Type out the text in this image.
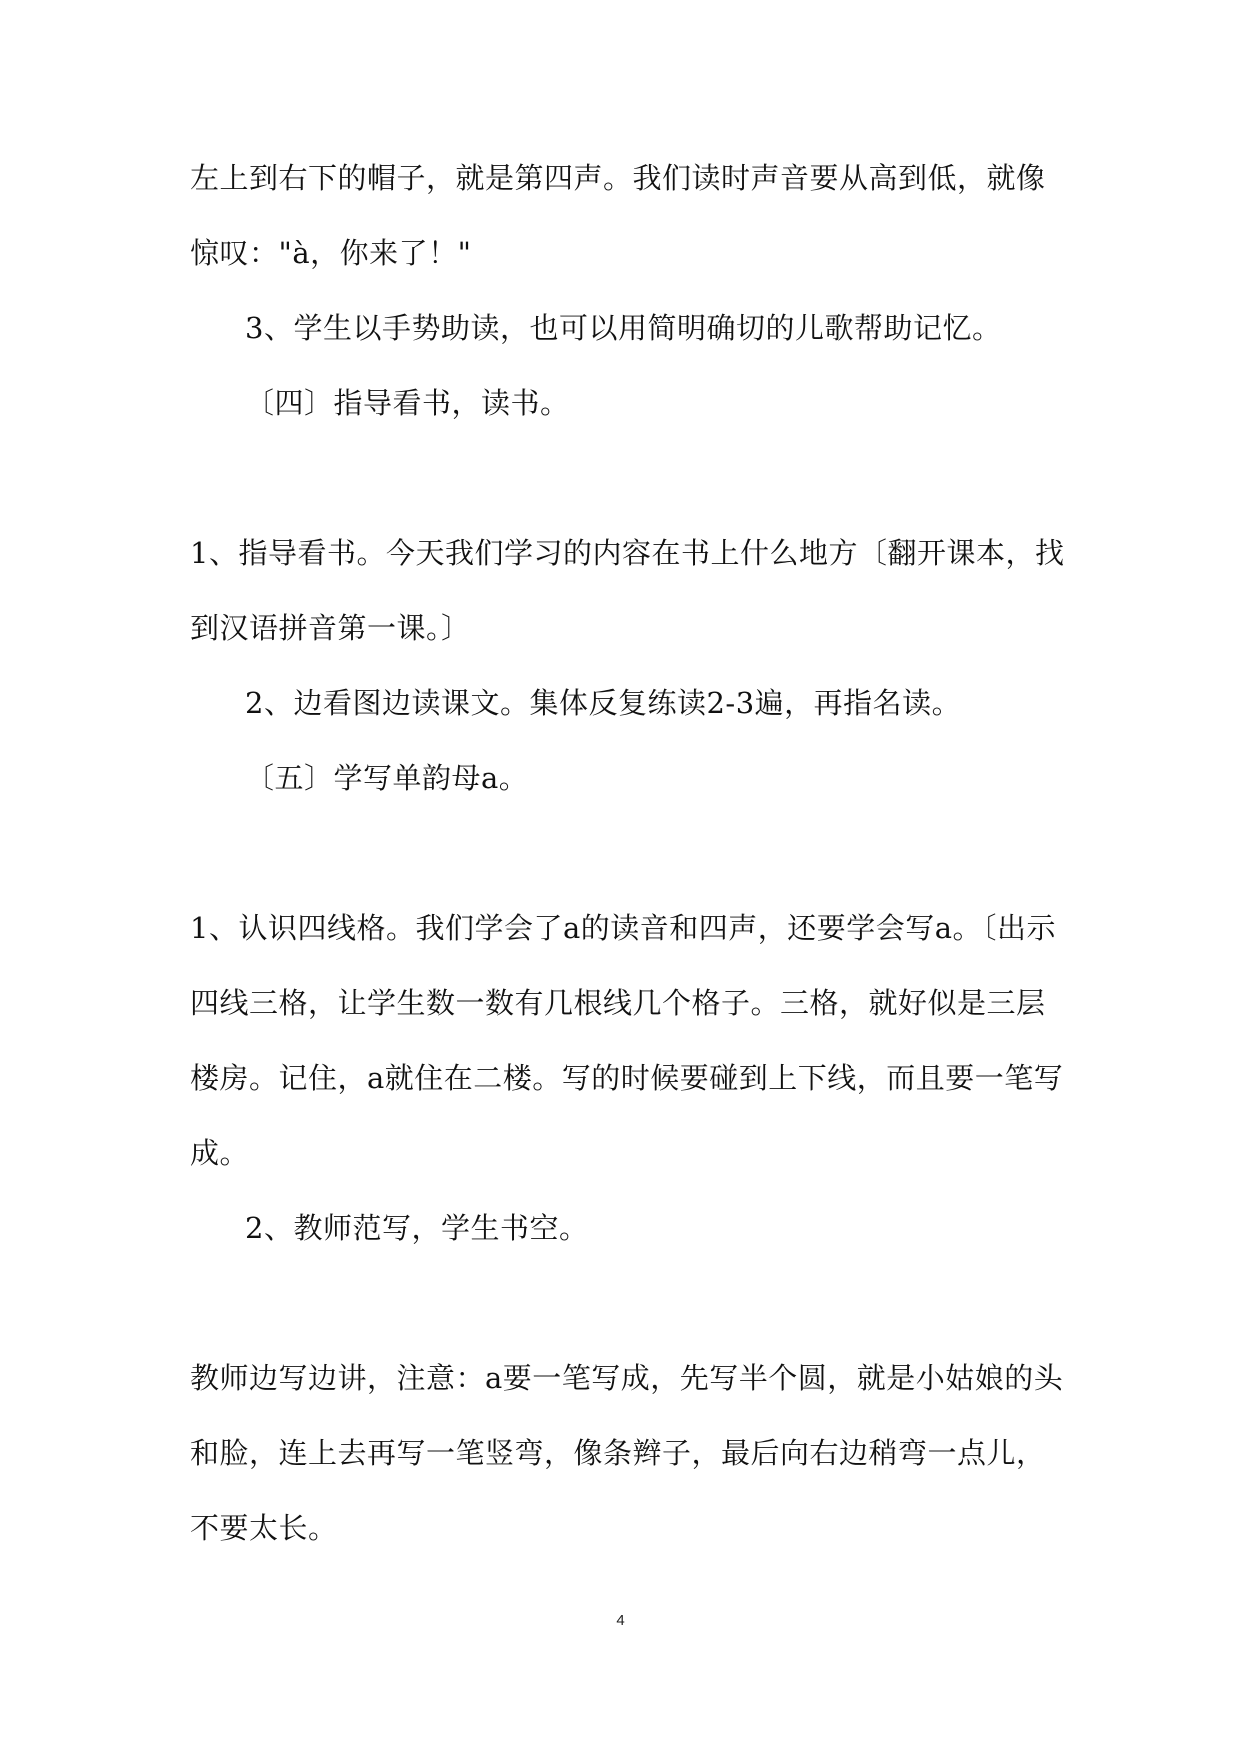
左上到右下的帽子，就是第四声。我们读时声音要从高到低，就像
惊叹："à，你来了！"
3、学生以手势助读，也可以用简明确切的儿歌帮助记忆。
〔四〕指导看书，读书。
1、指导看书。今天我们学习的内容在书上什么地方〔翻开课本，找
到汉语拼音第一课。〕
2、边看图边读课文。集体反复练读2-3遍，再指名读。
〔五〕学写单韵母a。
1、认识四线格。我们学会了a的读音和四声，还要学会写a。〔出示
四线三格，让学生数一数有几根线几个格子。三格，就好似是三层
楼房。记住，a就住在二楼。写的时候要碰到上下线，而且要一笔写
成。
2、教师范写，学生书空。
教师边写边讲，注意：a要一笔写成，先写半个圆，就是小姑娘的头
和脸，连上去再写一笔竖弯，像条辫子，最后向右边稍弯一点儿，
不要太长。
4
